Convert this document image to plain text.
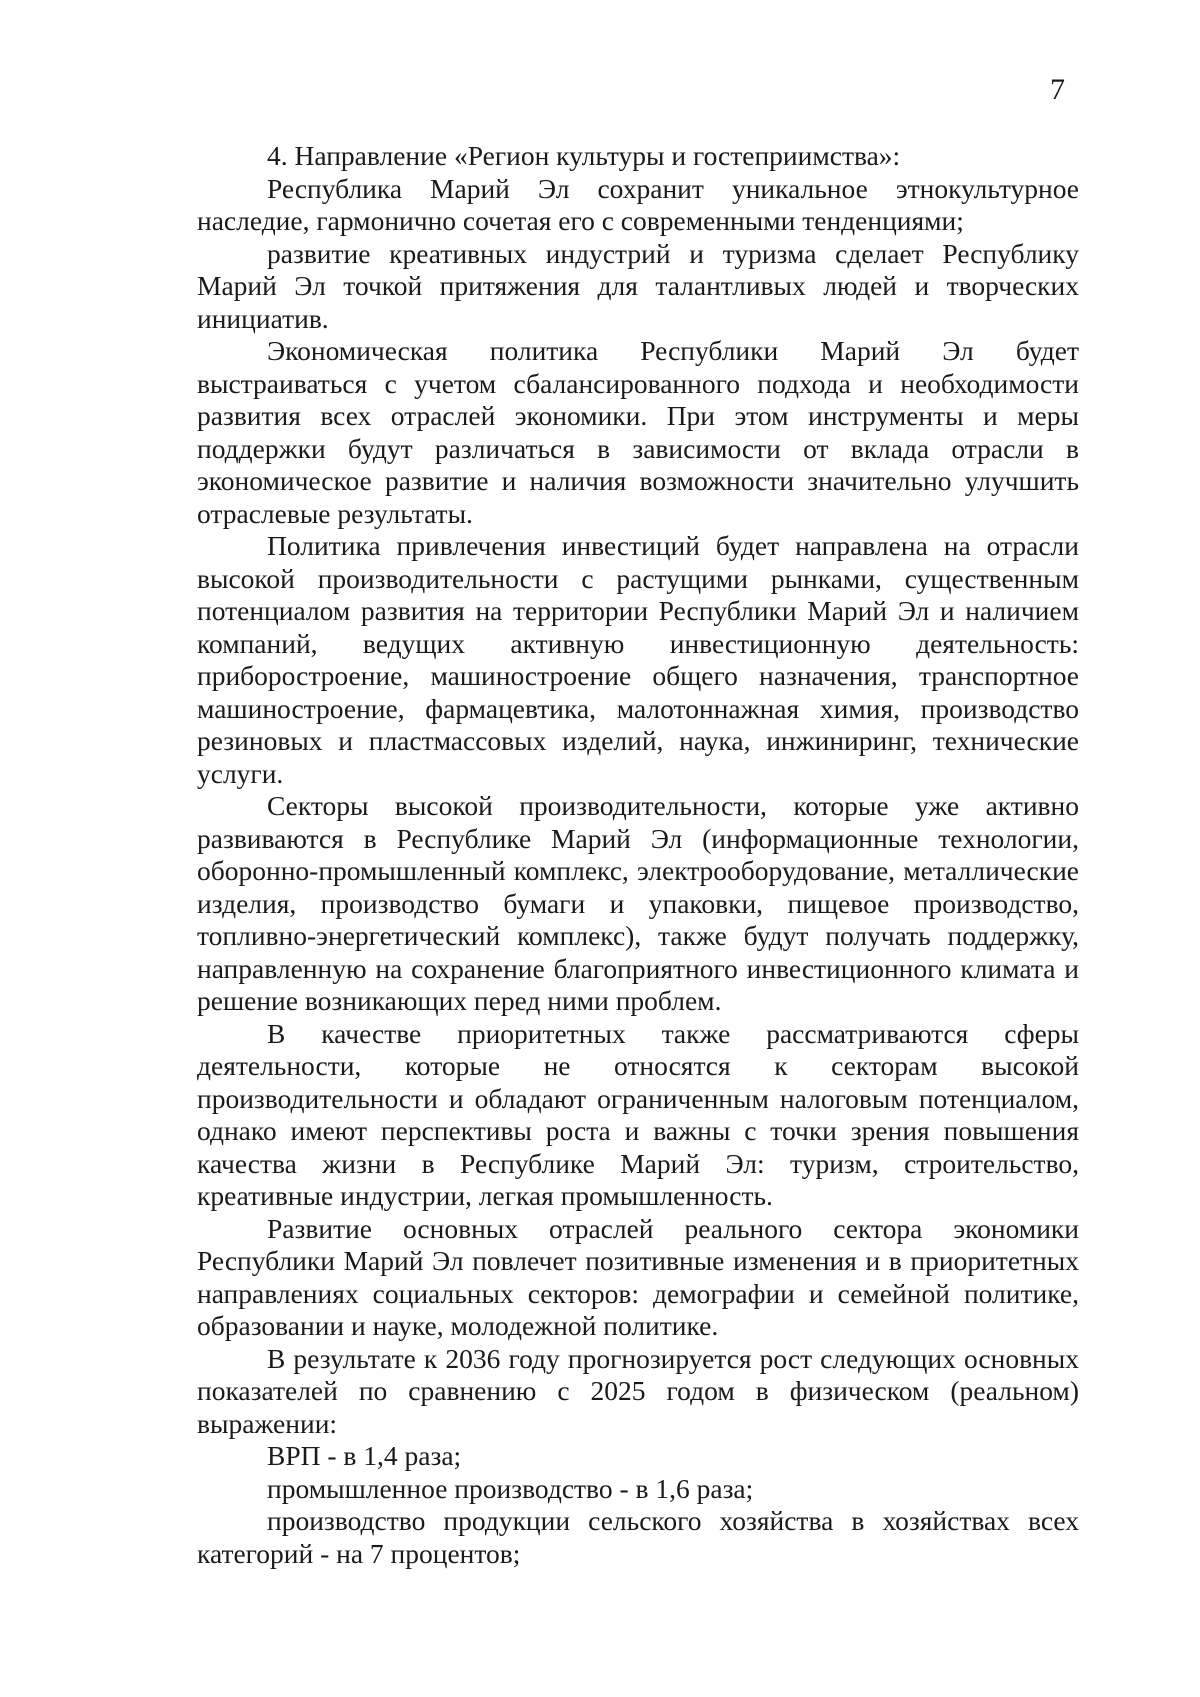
7

4. Направление «Регион культуры и гостеприимства»:

Республика Марий Эл сохранит уникальное этнокультурное наследие, гармонично сочетая его с современными тенденциями;

развитие креативных индустрий и туризма сделает Республику Марий Эл точкой притяжения для талантливых людей и творческих инициатив.

Экономическая политика Республики Марий Эл будет выстраиваться с учетом сбалансированного подхода и необходимости развития всех отраслей экономики. При этом инструменты и меры поддержки будут различаться в зависимости от вклада отрасли в экономическое развитие и наличия возможности значительно улучшить отраслевые результаты.

Политика привлечения инвестиций будет направлена на отрасли высокой производительности с растущими рынками, существенным потенциалом развития на территории Республики Марий Эл и наличием компаний, ведущих активную инвестиционную деятельность: приборостроение, машиностроение общего назначения, транспортное машиностроение, фармацевтика, малотоннажная химия, производство резиновых и пластмассовых изделий, наука, инжиниринг, технические услуги.

Секторы высокой производительности, которые уже активно развиваются в Республике Марий Эл (информационные технологии, оборонно-промышленный комплекс, электрооборудование, металлические изделия, производство бумаги и упаковки, пищевое производство, топливно-энергетический комплекс), также будут получать поддержку, направленную на сохранение благоприятного инвестиционного климата и решение возникающих перед ними проблем.

В качестве приоритетных также рассматриваются сферы деятельности, которые не относятся к секторам высокой производительности и обладают ограниченным налоговым потенциалом, однако имеют перспективы роста и важны с точки зрения повышения качества жизни в Республике Марий Эл: туризм, строительство, креативные индустрии, легкая промышленность.

Развитие основных отраслей реального сектора экономики Республики Марий Эл повлечет позитивные изменения и в приоритетных направлениях социальных секторов: демографии и семейной политике, образовании и науке, молодежной политике.

В результате к 2036 году прогнозируется рост следующих основных показателей по сравнению с 2025 годом в физическом (реальном) выражении:

ВРП - в 1,4 раза;

промышленное производство - в 1,6 раза;

производство продукции сельского хозяйства в хозяйствах всех категорий - на 7 процентов;
